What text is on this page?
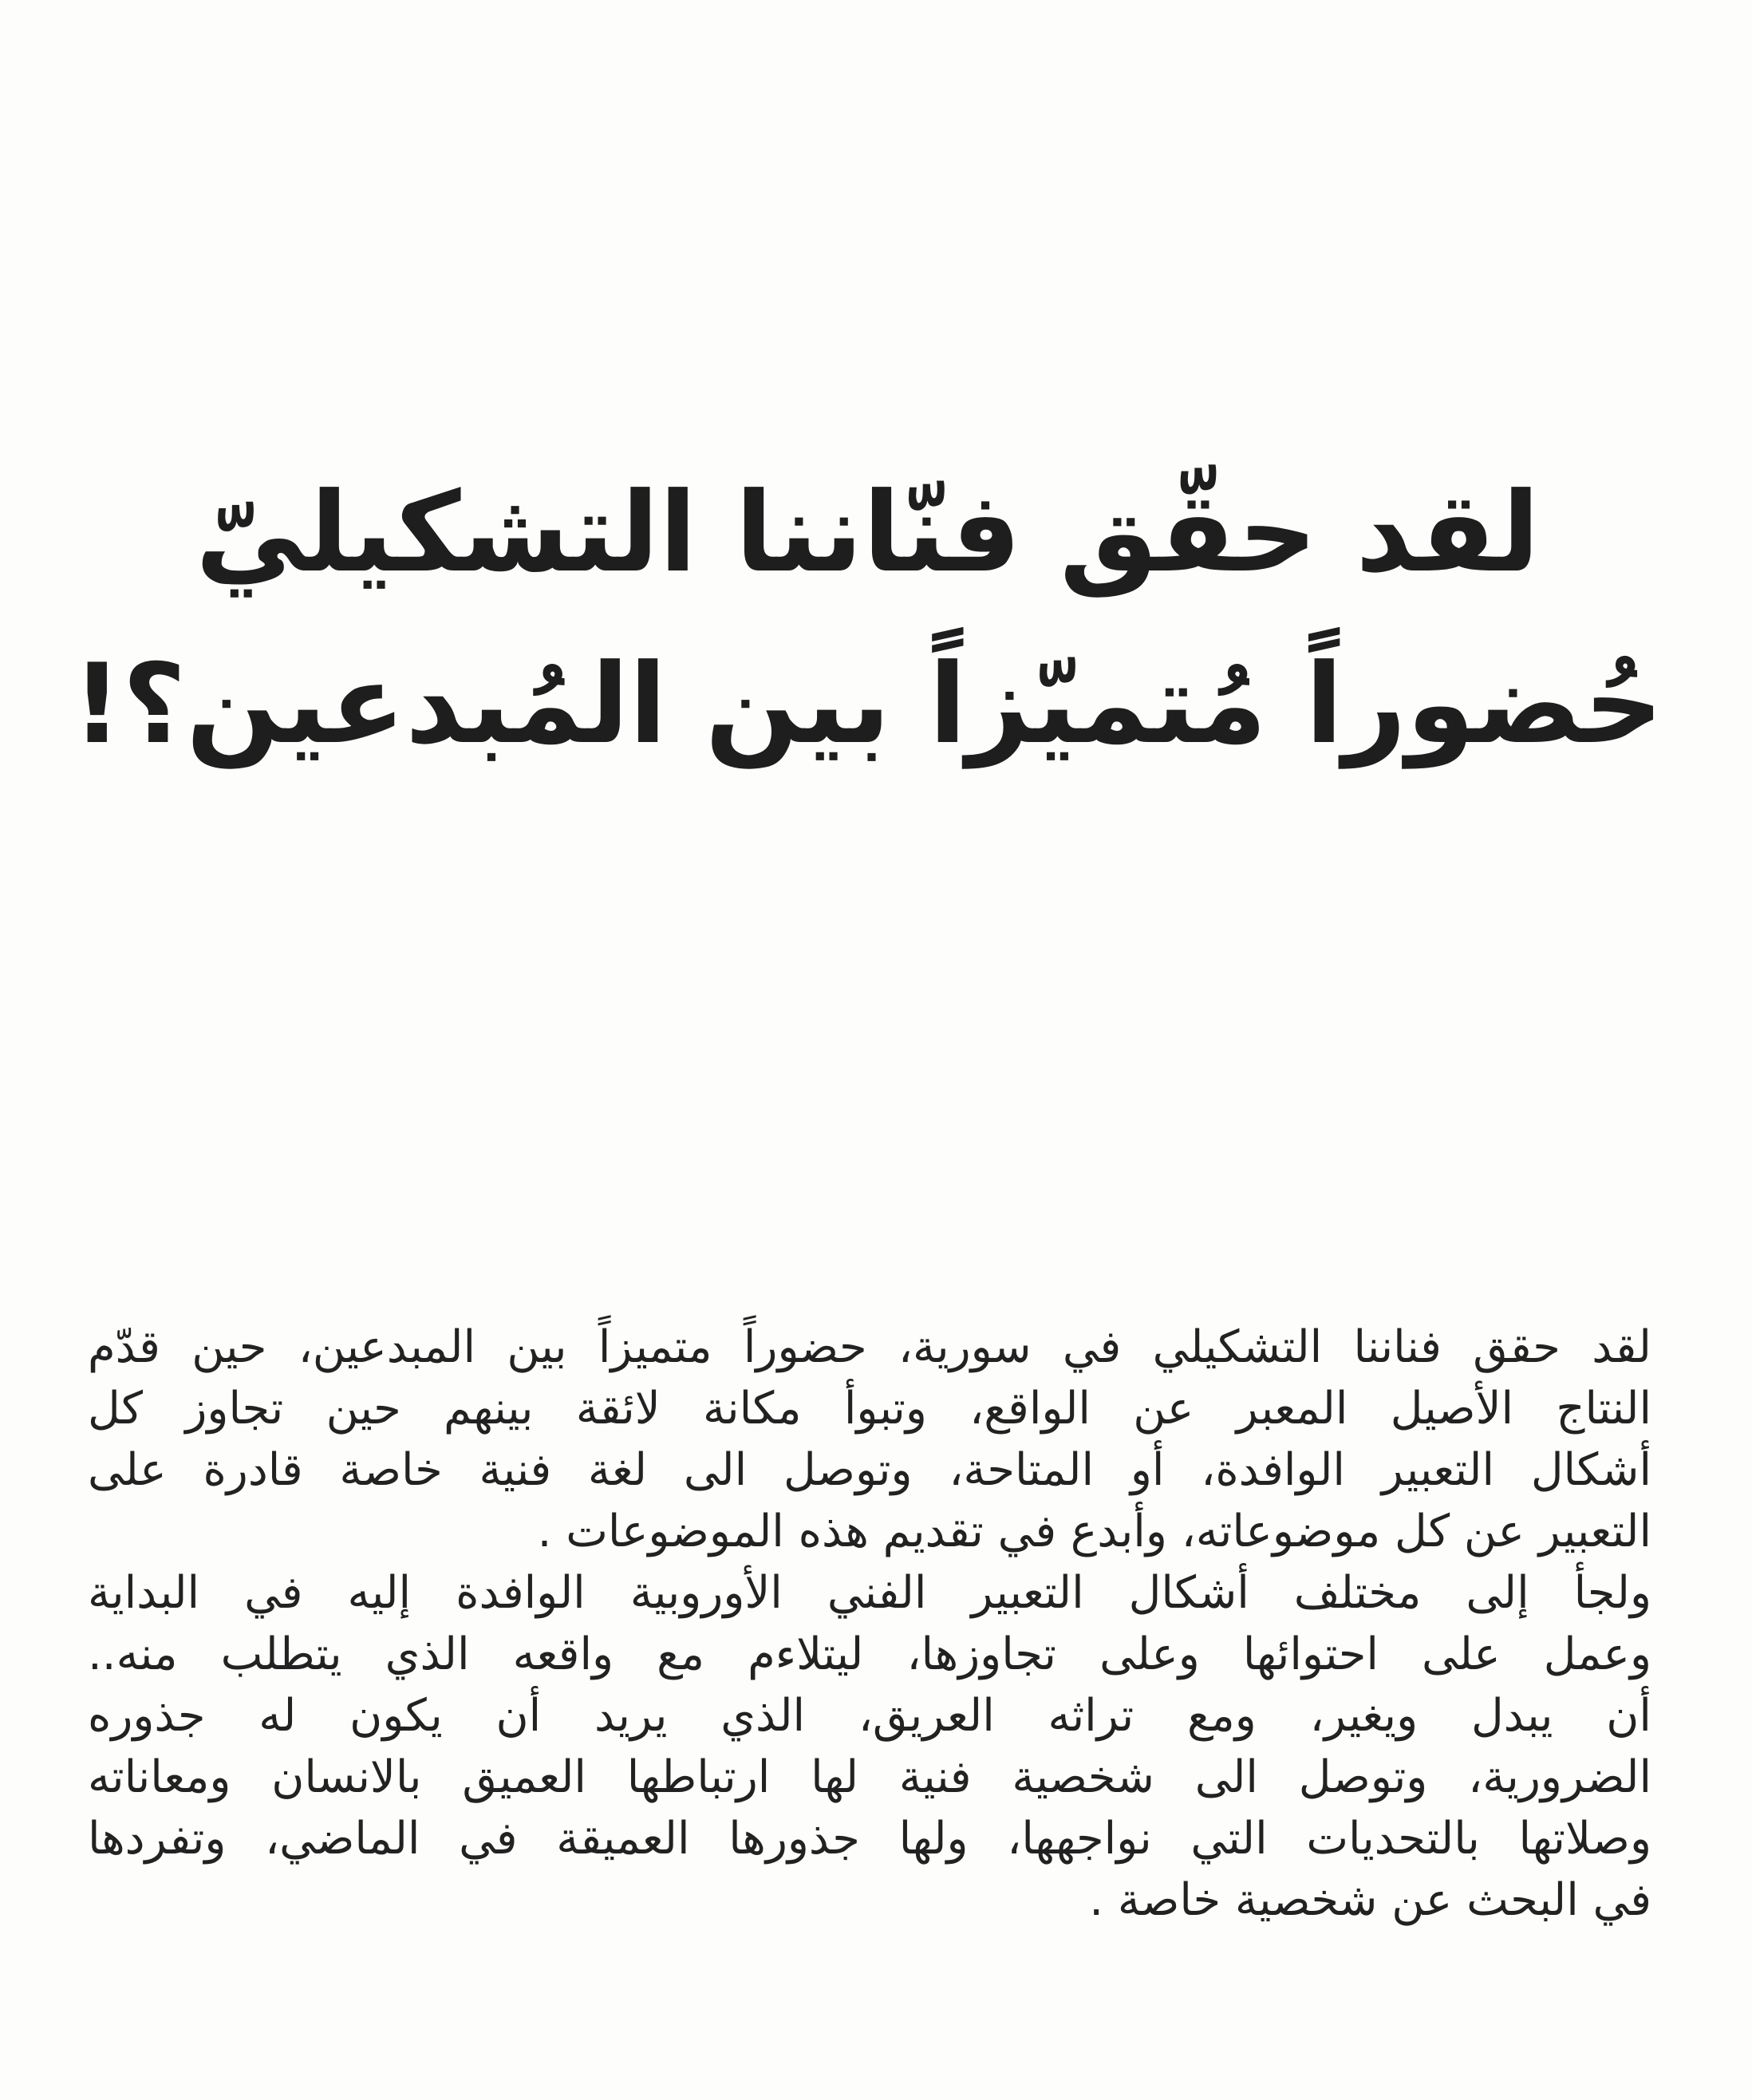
لقد حقّق فنّاننا التشكيليّ
حُضوراً مُتميّزاً بين المُبدعين؟!
لقد حقق فناننا التشكيلي في سورية، حضوراً متميزاً بين المبدعين، حين قدّم
النتاج الأصيل المعبر عن الواقع، وتبوأ مكانة لائقة بينهم حين تجاوز كل
أشكال التعبير الوافدة، أو المتاحة، وتوصل الى لغة فنية خاصة قادرة على
التعبير عن كل موضوعاته، وأبدع في تقديم هذه الموضوعات .
ولجأ إلى مختلف أشكال التعبير الفني الأوروبية الوافدة إليه في البداية
وعمل على احتوائها وعلى تجاوزها، ليتلاءم مع واقعه الذي يتطلب منه..
أن يبدل ويغير، ومع تراثه العريق، الذي يريد أن يكون له جذوره
الضرورية، وتوصل الى شخصية فنية لها ارتباطها العميق بالانسان ومعاناته
وصلاتها بالتحديات التي نواجهها، ولها جذورها العميقة في الماضي، وتفردها
في البحث عن شخصية خاصة .
